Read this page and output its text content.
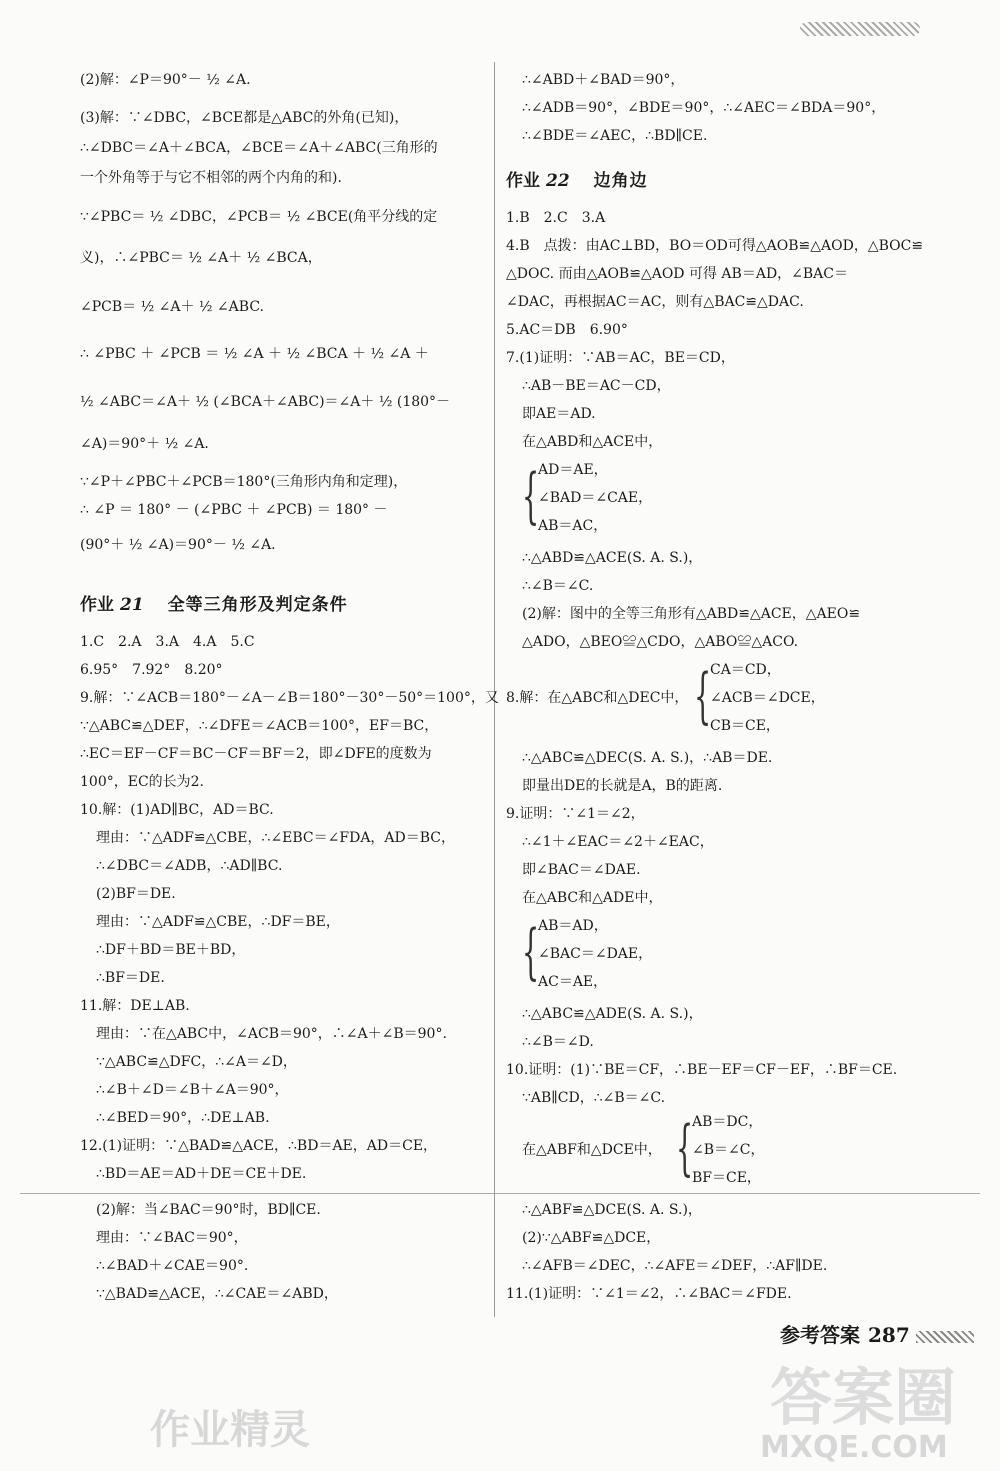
(2)解：∠P＝90°－ ½ ∠A.
(3)解：∵∠DBC，∠BCE都是△ABC的外角(已知)，
∴∠DBC＝∠A＋∠BCA，∠BCE＝∠A＋∠ABC(三角形的
一个外角等于与它不相邻的两个内角的和).
∵∠PBC＝ ½ ∠DBC，∠PCB＝ ½ ∠BCE(角平分线的定
义)，∴∠PBC＝ ½ ∠A＋ ½ ∠BCA，
∠PCB＝ ½ ∠A＋ ½ ∠ABC.
∴ ∠PBC ＋ ∠PCB ＝ ½ ∠A ＋ ½ ∠BCA ＋ ½ ∠A ＋
½ ∠ABC＝∠A＋ ½ (∠BCA＋∠ABC)＝∠A＋ ½ (180°－
∠A)＝90°＋ ½ ∠A.
∵∠P＋∠PBC＋∠PCB＝180°(三角形内角和定理)，
∴ ∠P ＝ 180° － (∠PBC ＋ ∠PCB) ＝ 180° －
(90°＋ ½ ∠A)＝90°－ ½ ∠A.
1.C　2.A　3.A　4.A　5.C
6.95°　7.92°　8.20°
9.解：∵∠ACB＝180°－∠A－∠B＝180°－30°－50°＝100°，又
∵△ABC≌△DEF，∴∠DFE＝∠ACB＝100°，EF＝BC，
∴EC＝EF－CF＝BC－CF＝BF＝2，即∠DFE的度数为
100°，EC的长为2.
10.解：(1)AD∥BC，AD＝BC.
理由：∵△ADF≌△CBE，∴∠EBC＝∠FDA，AD＝BC，
∴∠DBC＝∠ADB，∴AD∥BC.
(2)BF＝DE.
理由：∵△ADF≌△CBE，∴DF＝BE，
∴DF＋BD＝BE＋BD，
∴BF＝DE.
11.解：DE⊥AB.
理由：∵在△ABC中，∠ACB＝90°，∴∠A＋∠B＝90°.
∵△ABC≌△DFC，∴∠A＝∠D，
∴∠B＋∠D＝∠B＋∠A＝90°，
∴∠BED＝90°，∴DE⊥AB.
12.(1)证明：∵△BAD≌△ACE，∴BD＝AE，AD＝CE，
∴BD＝AE＝AD＋DE＝CE＋DE.
(2)解：当∠BAC＝90°时，BD∥CE.
理由：∵∠BAC＝90°，
∴∠BAD＋∠CAE＝90°.
∵△BAD≌△ACE，∴∠CAE＝∠ABD，
作业 21 全等三角形及判定条件
∴∠ABD＋∠BAD＝90°，
∴∠ADB＝90°，∠BDE＝90°，∴∠AEC＝∠BDA＝90°，
∴∠BDE＝∠AEC，∴BD∥CE.
1.B　2.C　3.A
4.B　点拨：由AC⊥BD，BO＝OD可得△AOB≌△AOD，△BOC≌
△DOC. 而由△AOB≌△AOD 可得 AB＝AD，∠BAC＝
∠DAC，再根据AC＝AC，则有△BAC≌△DAC.
5.AC＝DB　6.90°
7.(1)证明：∵AB＝AC，BE＝CD，
∴AB－BE＝AC－CD，
即AE＝AD.
在△ABD和△ACE中，
∴△ABD≌△ACE(S. A. S.)，
∴∠B＝∠C.
(2)解：图中的全等三角形有△ABD≌△ACE，△AEO≌
△ADO，△BEO≌△CDO，△ABO≌△ACO.
∴△ABC≌△DEC(S. A. S.)，∴AB＝DE.
即量出DE的长就是A，B的距离.
9.证明：∵∠1＝∠2，
∴∠1＋∠EAC＝∠2＋∠EAC，
即∠BAC＝∠DAE.
在△ABC和△ADE中，
∴△ABC≌△ADE(S. A. S.)，
∴∠B＝∠D.
10.证明：(1)∵BE＝CF，∴BE－EF＝CF－EF，∴BF＝CE.
∵AB∥CD，∴∠B＝∠C.
∴△ABF≌△DCE(S. A. S.)，
(2)∵△ABF≌△DCE，
∴∠AFB＝∠DEC，∴∠AFE＝∠DEF，∴AF∥DE.
11.(1)证明：∵∠1＝∠2，∴∠BAC＝∠FDE.
作业 22 边角边
{
AD＝AE，
∠BAD＝∠CAE，
AB＝AC，
8.解：在△ABC和△DEC中， {
CA＝CD，
∠ACB＝∠DCE，
CB＝CE，
{
AB＝AD，
∠BAC＝∠DAE，
AC＝AE，
在△ABF和△DCE中， {
AB＝DC，
∠B＝∠C，
BF＝CE，
参考答案 287
作业精灵	答案圈
MXQE.COM
